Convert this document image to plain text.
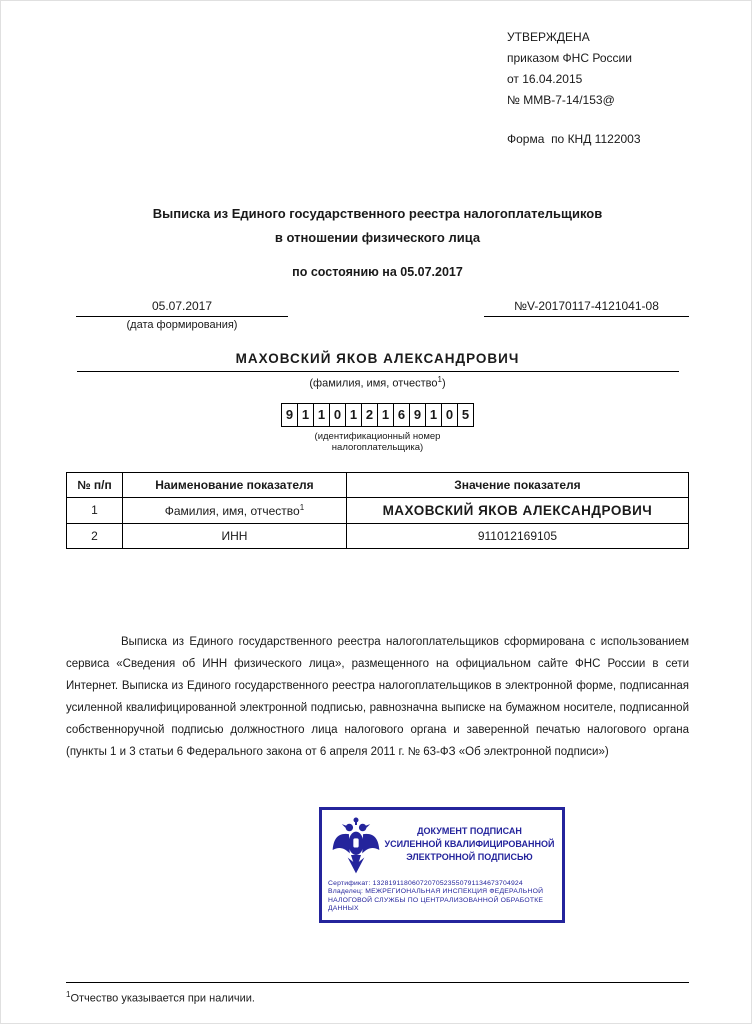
УТВЕРЖДЕНА
приказом ФНС России
от 16.04.2015
№ ММВ-7-14/153@
Форма  по КНД 1122003
Выписка из Единого государственного реестра налогоплательщиков
в отношении физического лица
по состоянию на 05.07.2017
05.07.2017
(дата формирования)
№V-20170117-4121041-08
МАХОВСКИЙ ЯКОВ АЛЕКСАНДРОВИЧ
(фамилия, имя, отчество$^1$)
9 1 1 0 1 2 1 6 9 1 0 5
(идентификационный номер
налогоплательщика)
№ п/п	Наименование показателя	Значение показателя
1	Фамилия, имя, отчество$^1$	МАХОВСКИЙ ЯКОВ АЛЕКСАНДРОВИЧ
2	ИНН	911012169105

Выписка из Единого государственного реестра налогоплательщиков сформирована с использованием сервиса «Сведения об ИНН физического лица», размещенного на официальном сайте ФНС России в сети Интернет. Выписка из Единого государственного реестра налогоплательщиков в электронной форме, подписанная усиленной квалифицированной электронной подписью, равнозначна выписке на бумажном носителе, подписанной собственноручной подписью должностного лица налогового органа и заверенной печатью налогового органа (пункты 1 и 3 статьи 6 Федерального закона от 6 апреля 2011 г. № 63-ФЗ «Об электронной подписи»)

ДОКУМЕНТ ПОДПИСАН
УСИЛЕННОЙ КВАЛИФИЦИРОВАННОЙ
ЭЛЕКТРОННОЙ ПОДПИСЬЮ
Сертификат: 13281911806072070523550791134673704924
Владелец: МЕЖРЕГИОНАЛЬНАЯ ИНСПЕКЦИЯ ФЕДЕРАЛЬНОЙ НАЛОГОВОЙ СЛУЖБЫ ПО ЦЕНТРАЛИЗОВАННОЙ ОБРАБОТКЕ ДАННЫХ
$^1$Отчество указывается при наличии.
